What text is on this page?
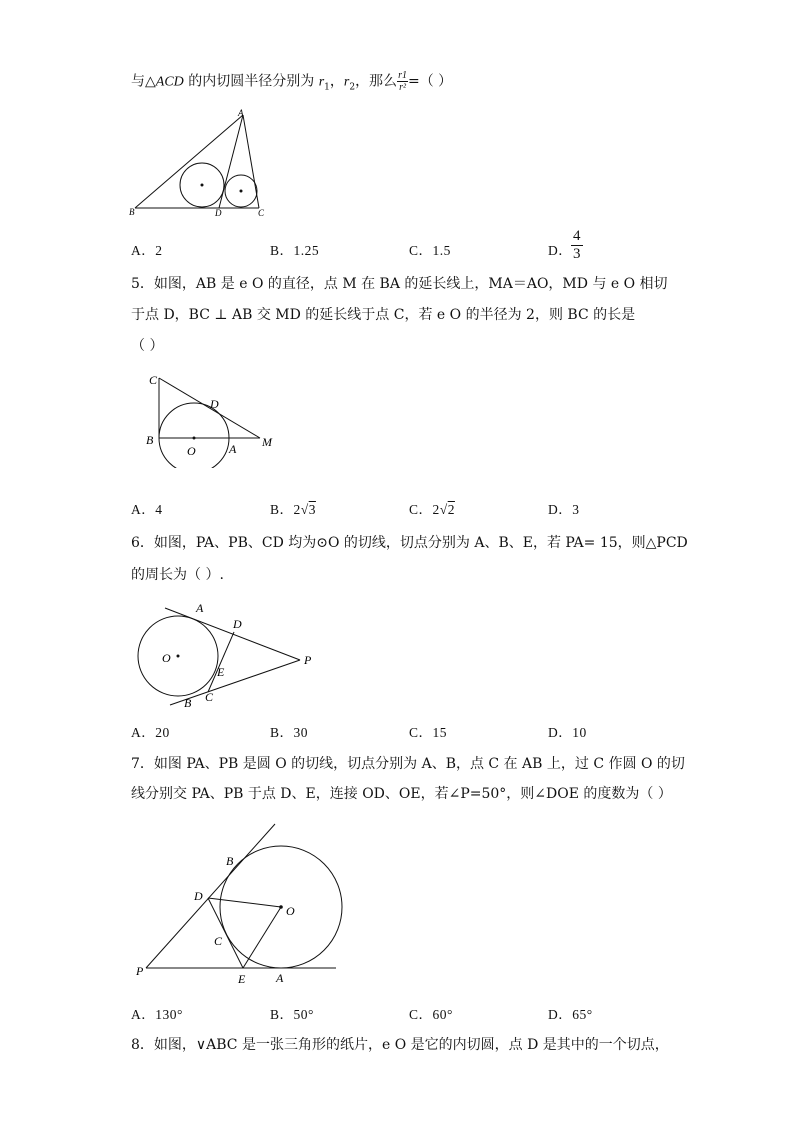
与△ACD 的内切圆半径分别为 $r_1$，$r_2$，那么 $\frac{r1}{\text{r²}}$ =（ ）
A
B	D	C
A．2	B．1.25	C．1.5	D．
$\frac{4}{3}$
5．如图，AB 是 e O 的直径，点 M 在 BA 的延长线上，MA＝AO，MD 与 e O 相切
于点 D，BC ⊥ AB 交 MD 的延长线于点 C，若 e O 的半径为 2，则 BC 的长是
（ ）
C
D
B
O	A M
A．4	B．2√3	C．2√2	D．3
6．如图，PA、PB、CD 均为⊙O 的切线，切点分别为 A、B、E，若 PA= 15，则△PCD
的周长为（ ）.
A
D
O
E
P
B C
A．20	B．30	C．15	D．10
7．如图 PA、PB 是圆 O 的切线，切点分别为 A、B，点 C 在 AB 上，过 C 作圆 O 的切
线分别交 PA、PB 于点 D、E，连接 OD、OE，若∠P=50°，则∠DOE 的度数为（ ）
B
D
O
C
P
E	A
A．130°	B．50°	C．60°	D．65°
8．如图，∨ABC 是一张三角形的纸片，e O 是它的内切圆，点 D 是其中的一个切点，
